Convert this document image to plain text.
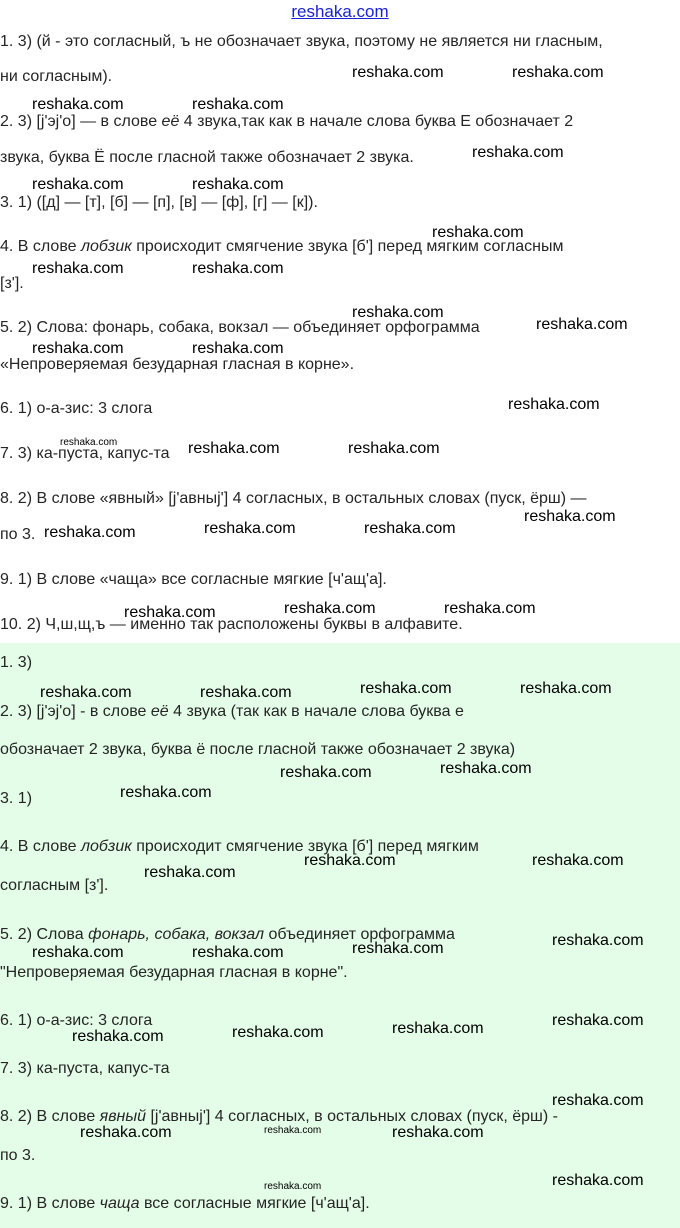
reshaka.com
1. 3) (й - это согласный, ъ не обозначает звука, поэтому не является ни гласным,
ни согласным).
2. 3) [j'эj'о] — в слове её 4 звука,так как в начале слова буква Е обозначает 2
звука, буква Ё после гласной также обозначает 2 звука.
3. 1) ([д] — [т], [б] — [п], [в] — [ф], [г] — [к]).
4. В слове лобзик происходит смягчение звука [б'] перед мягким согласным
[з'].
5. 2) Слова: фонарь, собака, вокзал — объединяет орфограмма
«Непроверяемая безударная гласная в корне».
6. 1) о-а-зис: 3 слога
7. 3) ка-пуста, капус-та
8. 2) В слове «явный» [j'авныj'] 4 согласных, в остальных словах (пуск, ёрш) —
по 3.
9. 1) В слове «чаща» все согласные мягкие [ч'ащ'а].
10. 2) Ч,ш,щ,ъ — именно так расположены буквы в алфавите.
1. 3)
2. 3) [j'эj'о] - в слове её 4 звука (так как в начале слова буква е
обозначает 2 звука, буква ё после гласной также обозначает 2 звука)
3. 1)
4. В слове лобзик происходит смягчение звука [б'] перед мягким
согласным [з'].
5. 2) Слова фонарь, собака, вокзал объединяет орфограмма
"Непроверяемая безударная гласная в корне".
6. 1) о-а-зис: 3 слога
7. 3) ка-пуста, капус-та
8. 2) В слове явный [j'авныj'] 4 согласных, в остальных словах (пуск, ёрш) -
по 3.
9. 1) В слове чаща все согласные мягкие [ч'ащ'а].
reshaka.com	reshaka.com
reshaka.com	reshaka.com
reshaka.com
reshaka.com	reshaka.com
reshaka.com
reshaka.com	reshaka.com
reshaka.com
reshaka.com
reshaka.com	reshaka.com
reshaka.com
reshaka.com	reshaka.com	reshaka.com
reshaka.com
reshaka.com	reshaka.com	reshaka.com
reshaka.com	reshaka.com	reshaka.com
reshaka.com	reshaka.com	reshaka.com	reshaka.com
reshaka.com	reshaka.com
reshaka.com
reshaka.com	reshaka.com
reshaka.com
reshaka.com	reshaka.com
reshaka.com	reshaka.com
reshaka.com
reshaka.com	reshaka.com
reshaka.com
reshaka.com
reshaka.com	reshaka.com	reshaka.com
reshaka.com
reshaka.com
